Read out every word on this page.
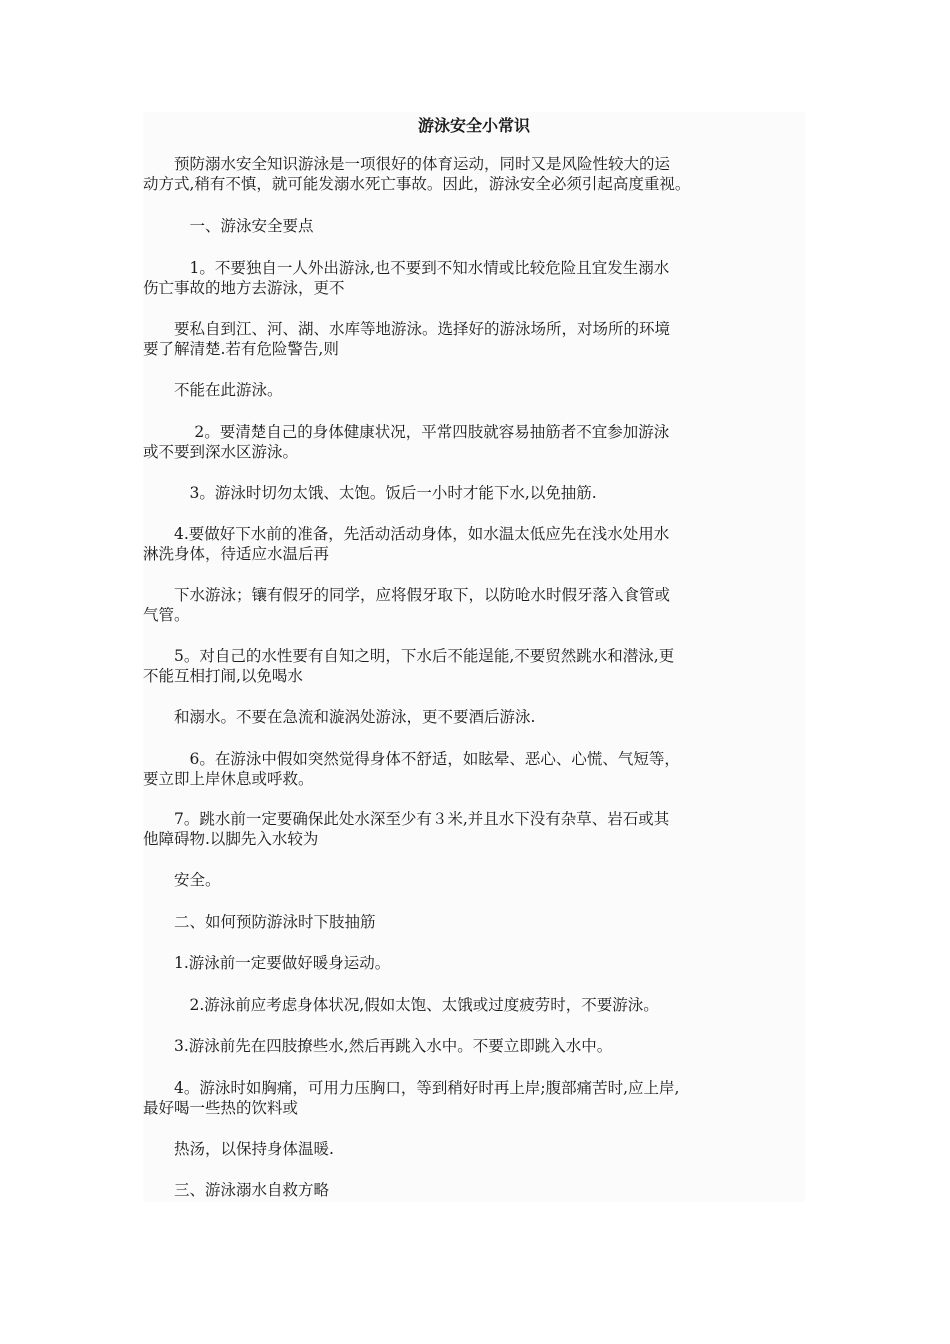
游泳安全小常识

　　预防溺水安全知识游泳是一项很好的体育运动，同时又是风险性较大的运
动方式,稍有不慎，就可能发溺水死亡事故。因此，游泳安全必须引起高度重视。

　　　一、游泳安全要点

　　　1。不要独自一人外出游泳,也不要到不知水情或比较危险且宜发生溺水
伤亡事故的地方去游泳，更不

　　要私自到江、河、湖、水库等地游泳。选择好的游泳场所，对场所的环境
要了解清楚.若有危险警告,则

　　不能在此游泳。

　　　 2。要清楚自己的身体健康状况，平常四肢就容易抽筋者不宜参加游泳
或不要到深水区游泳。

　　　3。游泳时切勿太饿、太饱。饭后一小时才能下水,以免抽筋.

　　4.要做好下水前的准备，先活动活动身体，如水温太低应先在浅水处用水
淋洗身体，待适应水温后再

　　下水游泳；镶有假牙的同学，应将假牙取下，以防呛水时假牙落入食管或
气管。

　　5。对自己的水性要有自知之明，下水后不能逞能,不要贸然跳水和潜泳,更
不能互相打闹,以免喝水

　　和溺水。不要在急流和漩涡处游泳，更不要酒后游泳.

　　　6。在游泳中假如突然觉得身体不舒适，如眩晕、恶心、心慌、气短等，
要立即上岸休息或呼救。

　　7。跳水前一定要确保此处水深至少有３米,并且水下没有杂草、岩石或其
他障碍物.以脚先入水较为

　　安全。

　　二、如何预防游泳时下肢抽筋

　　1.游泳前一定要做好暖身运动。

　　　2.游泳前应考虑身体状况,假如太饱、太饿或过度疲劳时，不要游泳。

　　3.游泳前先在四肢撩些水,然后再跳入水中。不要立即跳入水中。

　　4。游泳时如胸痛，可用力压胸口，等到稍好时再上岸;腹部痛苦时,应上岸,
最好喝一些热的饮料或

　　热汤，以保持身体温暖.

　　三、游泳溺水自救方略
